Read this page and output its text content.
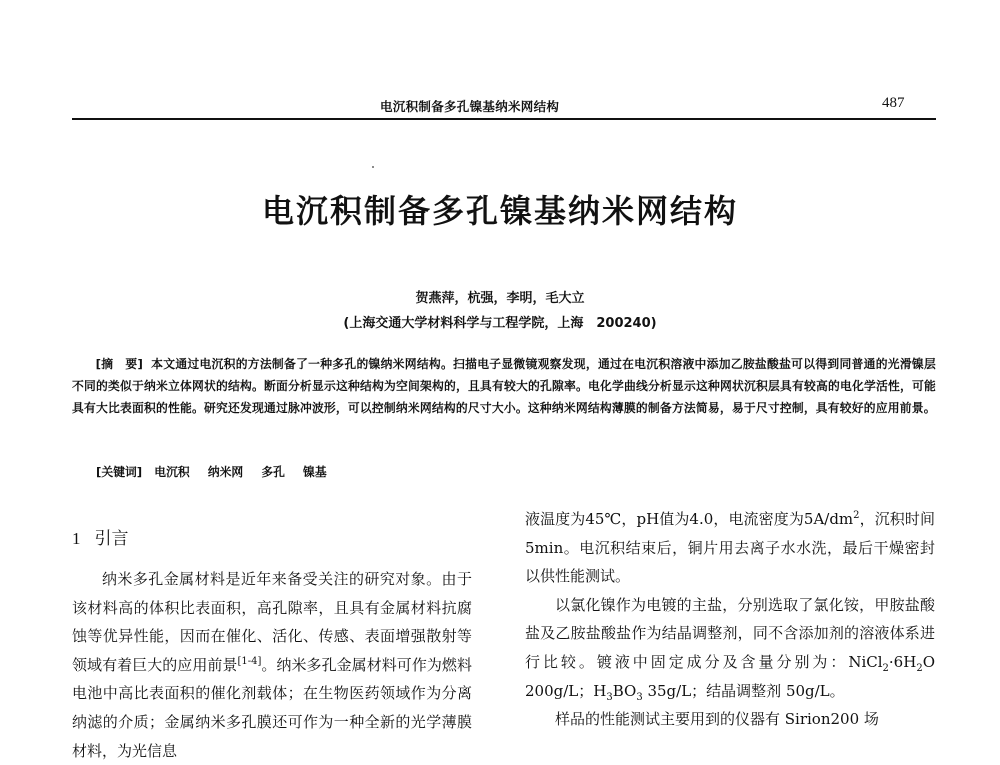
电沉积制备多孔镍基纳米网结构	487
电沉积制备多孔镍基纳米网结构
贺燕萍，杭强，李明，毛大立
(上海交通大学材料科学与工程学院，上海　200240)
[摘　要] 本文通过电沉积的方法制备了一种多孔的镍纳米网结构。扫描电子显微镜观察发现，通过在电沉积溶液中添加乙胺盐酸盐可以得到同普通的光滑镍层不同的类似于纳米立体网状的结构。断面分析显示这种结构为空间架构的，且具有较大的孔隙率。电化学曲线分析显示这种网状沉积层具有较高的电化学活性，可能具有大比表面积的性能。研究还发现通过脉冲波形，可以控制纳米网结构的尺寸大小。这种纳米网结构薄膜的制备方法简易，易于尺寸控制，具有较好的应用前景。
[关键词] 电沉积 纳米网 多孔 镍基
1 引言
纳米多孔金属材料是近年来备受关注的研究对象。由于该材料高的体积比表面积，高孔隙率，且具有金属材料抗腐蚀等优异性能，因而在催化、活化、传感、表面增强散射等领域有着巨大的应用前景[1-4]。纳米多孔金属材料可作为燃料电池中高比表面积的催化剂载体；在生物医药领域作为分离纳滤的介质；金属纳米多孔膜还可作为一种全新的光学薄膜材料，为光信息

液温度为45℃，pH值为4.0，电流密度为$5A/dm^2$，沉积时间5min。电沉积结束后，铜片用去离子水水洗，最后干燥密封以供性能测试。

以氯化镍作为电镀的主盐，分别选取了氯化铵，甲胺盐酸盐及乙胺盐酸盐作为结晶调整剂，同不含添加剂的溶液体系进行比较。镀液中固定成分及含量分别为：$NiCl_2\cdot 6H_2O$ 200g/L；$H_3BO_3$ 35g/L；结晶调整剂 50g/L。

样品的性能测试主要用到的仪器有 Sirion200 场
